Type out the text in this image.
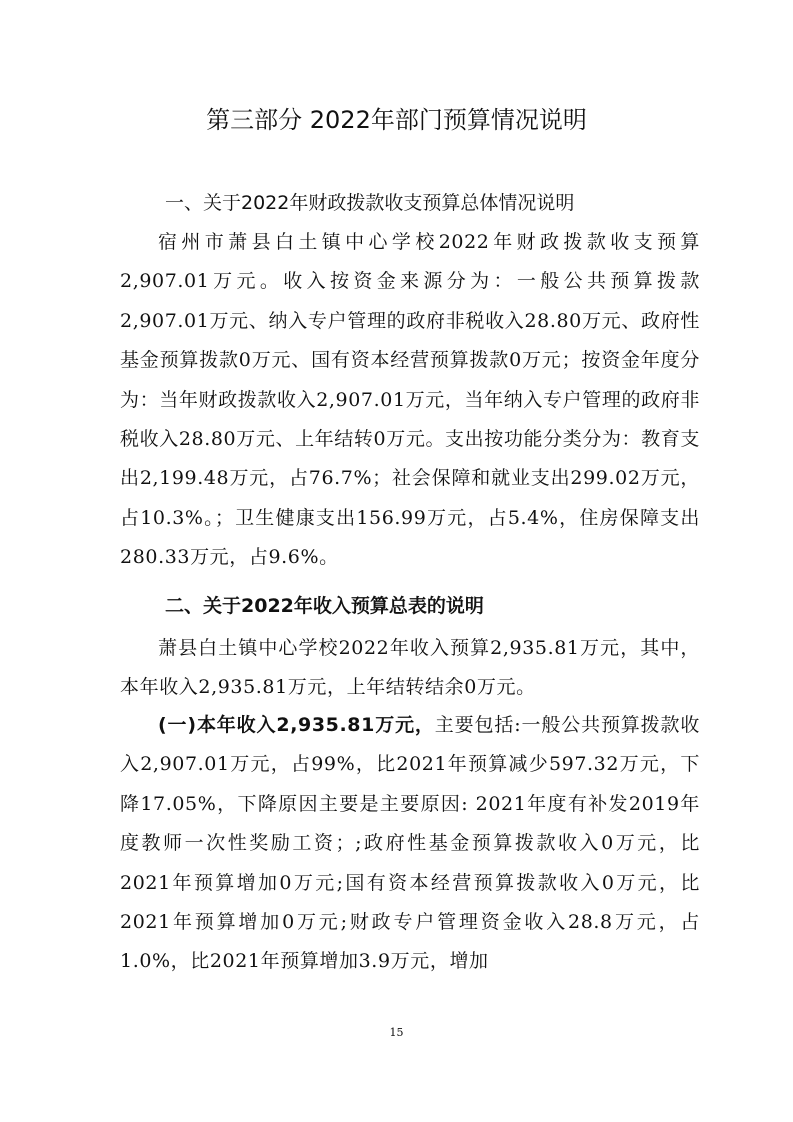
第三部分 2022年部门预算情况说明
一、关于2022年财政拨款收支预算总体情况说明

宿州市萧县白土镇中心学校2022年财政拨款收支预算2,907.01万元。收入按资金来源分为：一般公共预算拨款2,907.01万元、纳入专户管理的政府非税收入28.80万元、政府性基金预算拨款0万元、国有资本经营预算拨款0万元；按资金年度分为：当年财政拨款收入2,907.01万元，当年纳入专户管理的政府非税收入28.80万元、上年结转0万元。支出按功能分类分为：教育支出2,199.48万元，占76.7%；社会保障和就业支出299.02万元，占10.3%。；卫生健康支出156.99万元，占5.4%，住房保障支出280.33万元，占9.6%。

二、关于2022年收入预算总表的说明

萧县白土镇中心学校2022年收入预算2,935.81万元，其中，本年收入2,935.81万元，上年结转结余0万元。

(一)本年收入2,935.81万元，主要包括:一般公共预算拨款收入2,907.01万元，占99%，比2021年预算减少597.32万元，下降17.05%，下降原因主要是主要原因: 2021年度有补发2019年度教师一次性奖励工资；;政府性基金预算拨款收入0万元，比2021年预算增加0万元;国有资本经营预算拨款收入0万元，比2021年预算增加0万元;财政专户管理资金收入28.8万元，占1.0%，比2021年预算增加3.9万元，增加

15
